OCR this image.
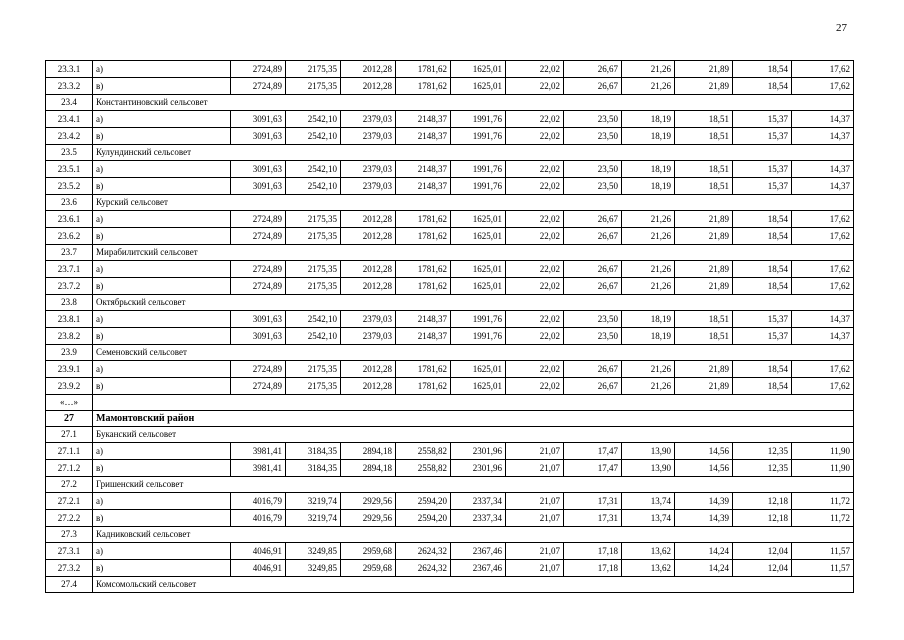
27
23.3.1	а)	2724,89	2175,35	2012,28	1781,62	1625,01	22,02	26,67	21,26	21,89	18,54	17,62
23.3.2	в)	2724,89	2175,35	2012,28	1781,62	1625,01	22,02	26,67	21,26	21,89	18,54	17,62
23.4	Константиновский сельсовет											
23.4.1	а)	3091,63	2542,10	2379,03	2148,37	1991,76	22,02	23,50	18,19	18,51	15,37	14,37
23.4.2	в)	3091,63	2542,10	2379,03	2148,37	1991,76	22,02	23,50	18,19	18,51	15,37	14,37
23.5	Кулундинский сельсовет											
23.5.1	а)	3091,63	2542,10	2379,03	2148,37	1991,76	22,02	23,50	18,19	18,51	15,37	14,37
23.5.2	в)	3091,63	2542,10	2379,03	2148,37	1991,76	22,02	23,50	18,19	18,51	15,37	14,37
23.6	Курский сельсовет											
23.6.1	а)	2724,89	2175,35	2012,28	1781,62	1625,01	22,02	26,67	21,26	21,89	18,54	17,62
23.6.2	в)	2724,89	2175,35	2012,28	1781,62	1625,01	22,02	26,67	21,26	21,89	18,54	17,62
23.7	Мирабилитский сельсовет											
23.7.1	а)	2724,89	2175,35	2012,28	1781,62	1625,01	22,02	26,67	21,26	21,89	18,54	17,62
23.7.2	в)	2724,89	2175,35	2012,28	1781,62	1625,01	22,02	26,67	21,26	21,89	18,54	17,62
23.8	Октябрьский сельсовет											
23.8.1	а)	3091,63	2542,10	2379,03	2148,37	1991,76	22,02	23,50	18,19	18,51	15,37	14,37
23.8.2	в)	3091,63	2542,10	2379,03	2148,37	1991,76	22,02	23,50	18,19	18,51	15,37	14,37
23.9	Семеновский сельсовет											
23.9.1	а)	2724,89	2175,35	2012,28	1781,62	1625,01	22,02	26,67	21,26	21,89	18,54	17,62
23.9.2	в)	2724,89	2175,35	2012,28	1781,62	1625,01	22,02	26,67	21,26	21,89	18,54	17,62
«…»												
27	Мамонтовский район											
27.1	Буканский сельсовет											
27.1.1	а)	3981,41	3184,35	2894,18	2558,82	2301,96	21,07	17,47	13,90	14,56	12,35	11,90
27.1.2	в)	3981,41	3184,35	2894,18	2558,82	2301,96	21,07	17,47	13,90	14,56	12,35	11,90
27.2	Гришенский сельсовет											
27.2.1	а)	4016,79	3219,74	2929,56	2594,20	2337,34	21,07	17,31	13,74	14,39	12,18	11,72
27.2.2	в)	4016,79	3219,74	2929,56	2594,20	2337,34	21,07	17,31	13,74	14,39	12,18	11,72
27.3	Кадниковский сельсовет											
27.3.1	а)	4046,91	3249,85	2959,68	2624,32	2367,46	21,07	17,18	13,62	14,24	12,04	11,57
27.3.2	в)	4046,91	3249,85	2959,68	2624,32	2367,46	21,07	17,18	13,62	14,24	12,04	11,57
27.4	Комсомольский сельсовет											
